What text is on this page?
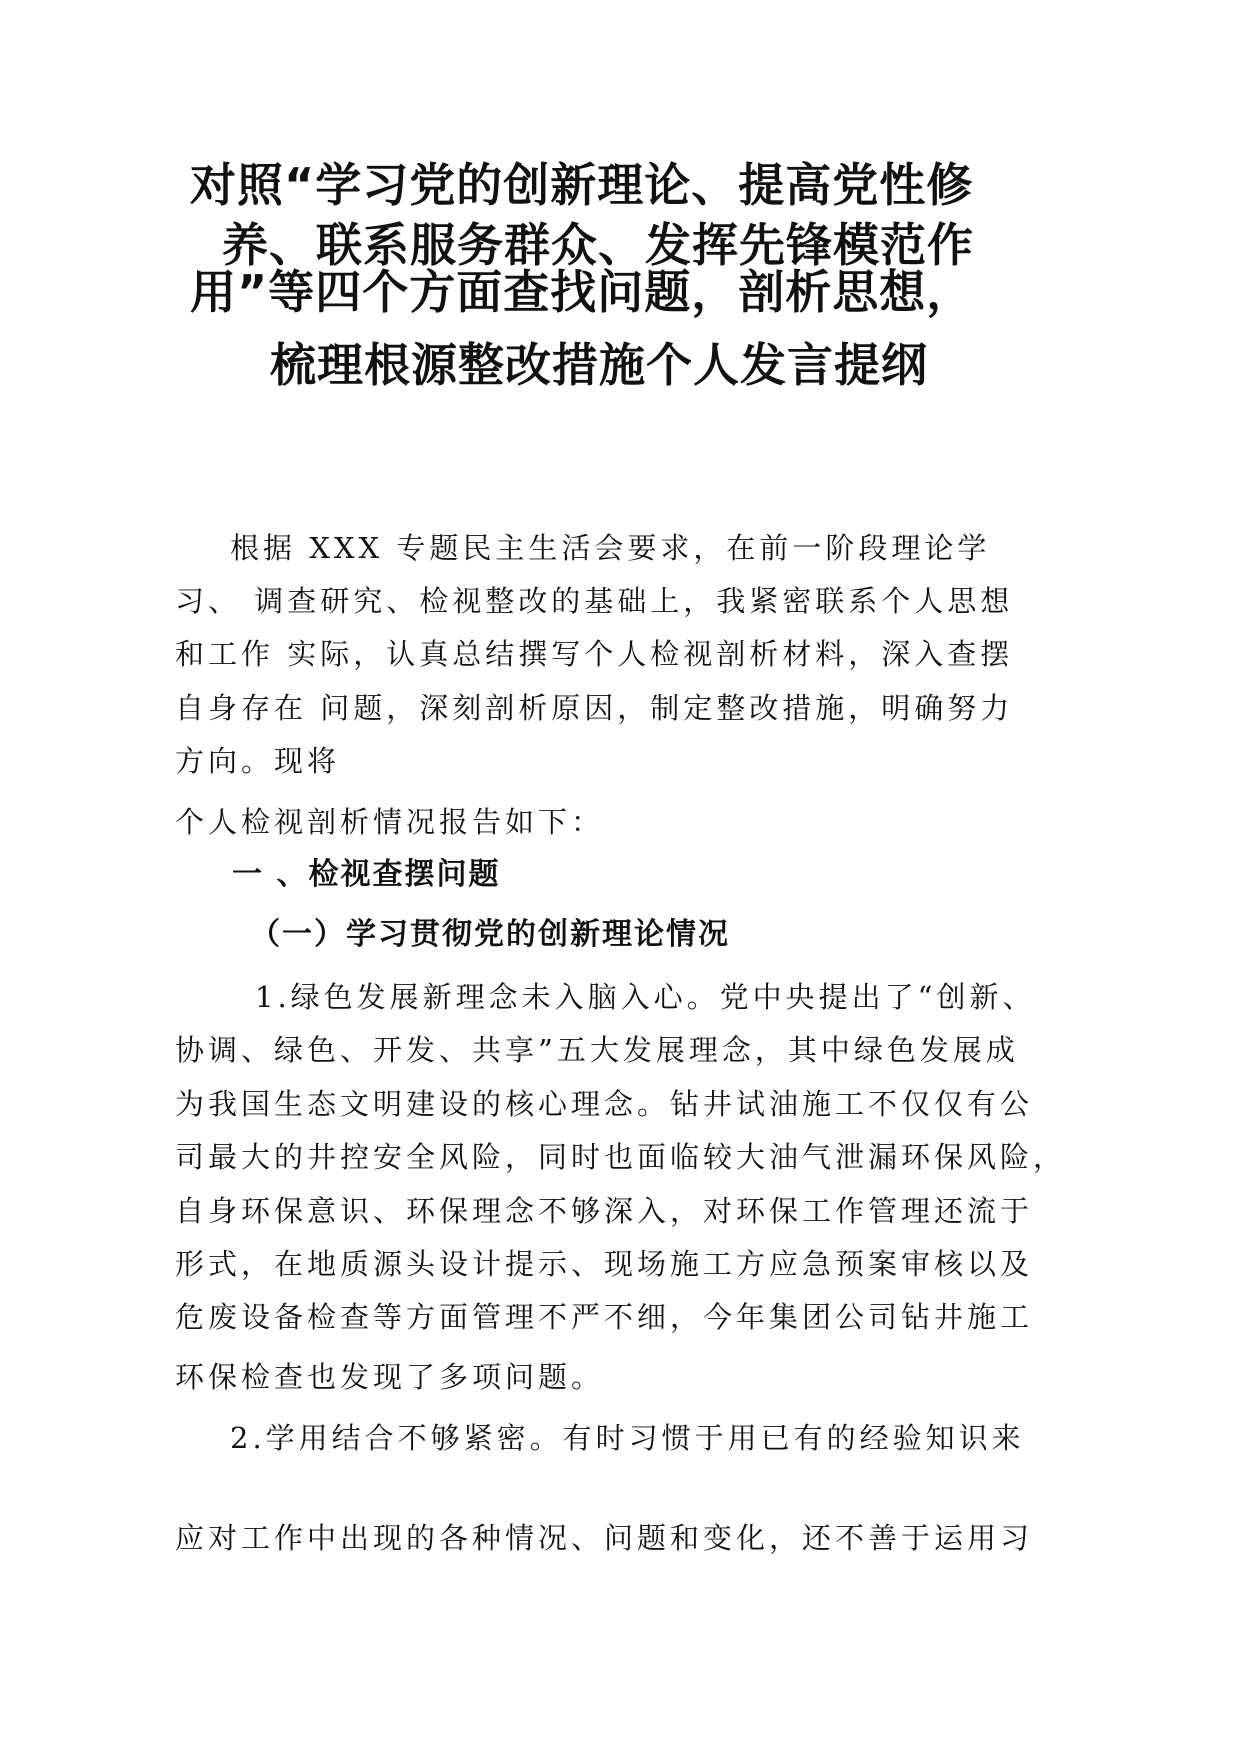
对照“学习党的创新理论、提高党性修
养、联系服务群众、发挥先锋模范作
用”等四个方面查找问题，剖析思想，
梳理根源整改措施个人发言提纲
根据 XXX 专题民主生活会要求，在前一阶段理论学
习、 调查研究、检视整改的基础上，我紧密联系个人思想
和工作 实际，认真总结撰写个人检视剖析材料，深入查摆
自身存在 问题，深刻剖析原因，制定整改措施，明确努力
方向。现将
个人检视剖析情况报告如下：
一 、检视查摆问题
（一）学习贯彻党的创新理论情况
1.绿色发展新理念未入脑入心。党中央提出了“创新、
协调、绿色、开发、共享”五大发展理念，其中绿色发展成
为我国生态文明建设的核心理念。钻井试油施工不仅仅有公
司最大的井控安全风险，同时也面临较大油气泄漏环保风险，
自身环保意识、环保理念不够深入，对环保工作管理还流于
形式，在地质源头设计提示、现场施工方应急预案审核以及
危废设备检查等方面管理不严不细，今年集团公司钻井施工
环保检查也发现了多项问题。
2.学用结合不够紧密。有时习惯于用已有的经验知识来
应对工作中出现的各种情况、问题和变化，还不善于运用习
